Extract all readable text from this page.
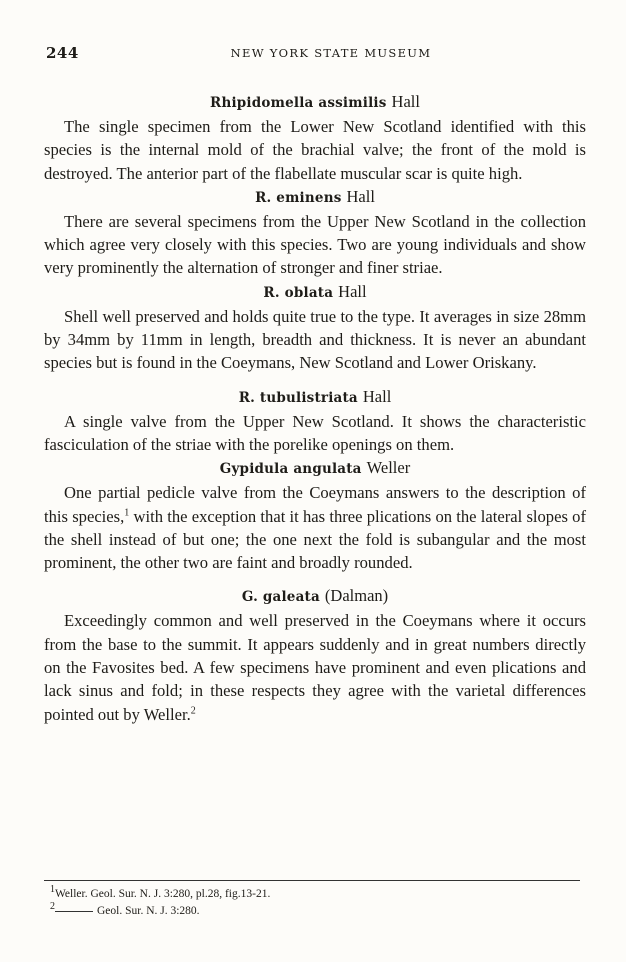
244	NEW YORK STATE MUSEUM

Rhipidomella assimilis Hall

The single specimen from the Lower New Scotland identified with this species is the internal mold of the brachial valve; the front of the mold is destroyed. The anterior part of the flabellate muscular scar is quite high.

R. eminens Hall

There are several specimens from the Upper New Scotland in the collection which agree very closely with this species. Two are young individuals and show very prominently the alternation of stronger and finer striae.

R. oblata Hall

Shell well preserved and holds quite true to the type. It averages in size 28mm by 34mm by 11mm in length, breadth and thickness. It is never an abundant species but is found in the Coeymans, New Scotland and Lower Oriskany.

R. tubulistriata Hall

A single valve from the Upper New Scotland. It shows the characteristic fasciculation of the striae with the porelike openings on them.

Gypidula angulata Weller

One partial pedicle valve from the Coeymans answers to the description of this species,$^1$ with the exception that it has three plications on the lateral slopes of the shell instead of but one; the one next the fold is subangular and the most prominent, the other two are faint and broadly rounded.

G. galeata (Dalman)

Exceedingly common and well preserved in the Coeymans where it occurs from the base to the summit. It appears suddenly and in great numbers directly on the Favosites bed. A few specimens have prominent and even plications and lack sinus and fold; in these respects they agree with the varietal differences pointed out by Weller.$^2$

$^1$Weller. Geol. Sur. N. J. 3:280, pl.28, fig.13-21.
$^2$	Geol. Sur. N. J. 3:280.
